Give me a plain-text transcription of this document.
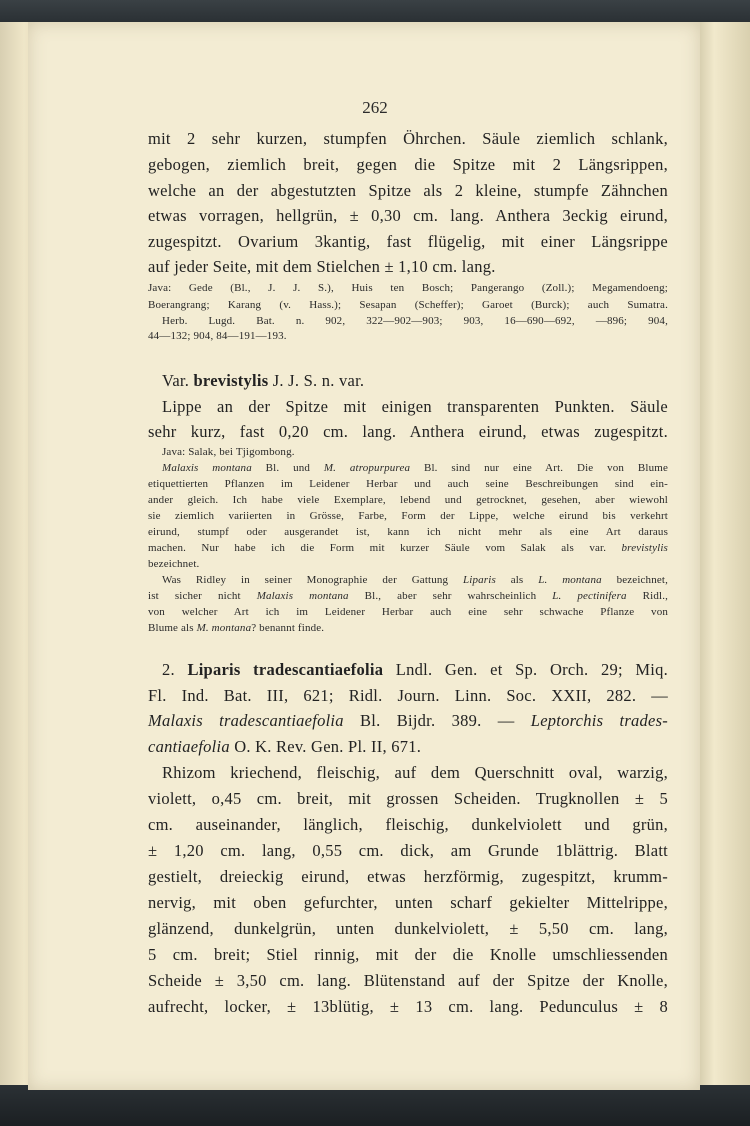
262
mit 2 sehr kurzen, stumpfen Öhrchen. Säule ziemlich schlank,
gebogen, ziemlich breit, gegen die Spitze mit 2 Längsrippen,
welche an der abgestutzten Spitze als 2 kleine, stumpfe Zähnchen
etwas vorragen, hellgrün, ± 0,30 cm. lang. Anthera 3eckig eirund,
zugespitzt. Ovarium 3kantig, fast flügelig, mit einer Längsrippe
auf jeder Seite, mit dem Stielchen ± 1,10 cm. lang.
Java: Gede (Bl., J. J. S.), Huis ten Bosch; Pangerango (Zoll.); Megamendoeng;
Boerangrang; Karang (v. Hass.); Sesapan (Scheffer); Garoet (Burck); auch Sumatra.
Herb. Lugd. Bat. n. 902, 322—902—903; 903, 16—690—692, —896; 904,
44—132; 904, 84—191—193.
Var. brevistylis J. J. S. n. var.
Lippe an der Spitze mit einigen transparenten Punkten. Säule
sehr kurz, fast 0,20 cm. lang. Anthera eirund, etwas zugespitzt.
Java: Salak, bei Tjigombong.
Malaxis montana Bl. und M. atropurpurea Bl. sind nur eine Art. Die von Blume
etiquettierten Pflanzen im Leidener Herbar und auch seine Beschreibungen sind ein-
ander gleich. Ich habe viele Exemplare, lebend und getrocknet, gesehen, aber wiewohl
sie ziemlich variierten in Grösse, Farbe, Form der Lippe, welche eirund bis verkehrt
eirund, stumpf oder ausgerandet ist, kann ich nicht mehr als eine Art daraus
machen. Nur habe ich die Form mit kurzer Säule vom Salak als var. brevistylis
bezeichnet.
Was Ridley in seiner Monographie der Gattung Liparis als L. montana bezeichnet,
ist sicher nicht Malaxis montana Bl., aber sehr wahrscheinlich L. pectinifera Ridl.,
von welcher Art ich im Leidener Herbar auch eine sehr schwache Pflanze von
Blume als M. montana? benannt finde.
2. Liparis tradescantiaefolia Lndl. Gen. et Sp. Orch. 29; Miq.
Fl. Ind. Bat. III, 621; Ridl. Journ. Linn. Soc. XXII, 282. —
Malaxis tradescantiaefolia Bl. Bijdr. 389. — Leptorchis trades-
cantiaefolia O. K. Rev. Gen. Pl. II, 671.
Rhizom kriechend, fleischig, auf dem Querschnitt oval, warzig,
violett, o,45 cm. breit, mit grossen Scheiden. Trugknollen ± 5
cm. auseinander, länglich, fleischig, dunkelviolett und grün,
± 1,20 cm. lang, 0,55 cm. dick, am Grunde 1blättrig. Blatt
gestielt, dreieckig eirund, etwas herzförmig, zugespitzt, krumm-
nervig, mit oben gefurchter, unten scharf gekielter Mittelrippe,
glänzend, dunkelgrün, unten dunkelviolett, ± 5,50 cm. lang,
5 cm. breit; Stiel rinnig, mit der die Knolle umschliessenden
Scheide ± 3,50 cm. lang. Blütenstand auf der Spitze der Knolle,
aufrecht, locker, ± 13blütig, ± 13 cm. lang. Pedunculus ± 8
